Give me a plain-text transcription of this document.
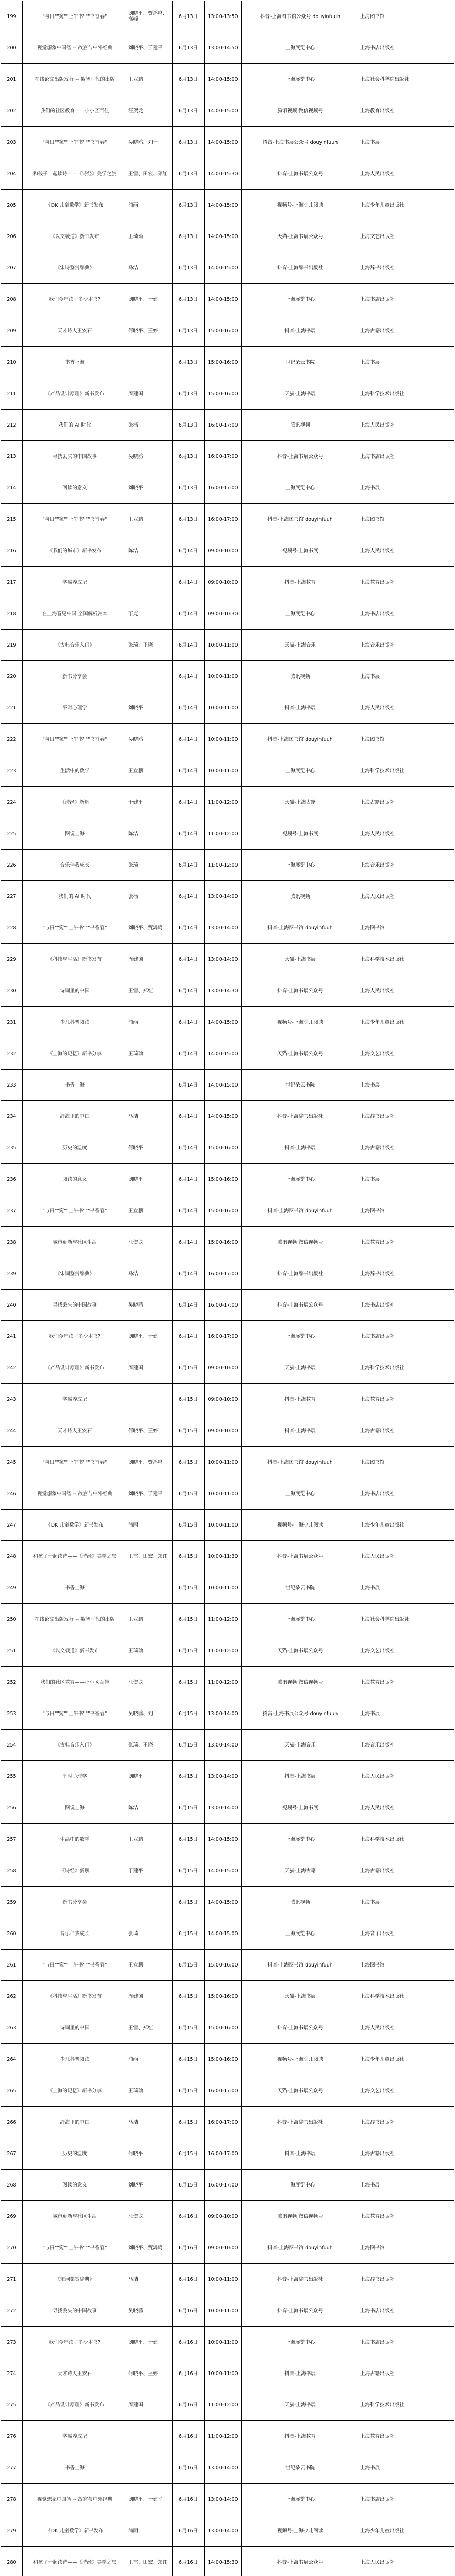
199	"与日""窥""上午书"""书香春"	刘晓平、贾鸿鸣、高峰	6月13日	13:00-13:50	抖音-上海图书馆公众号 douyinfuuh	上海图书馆
200	视觉想象中国智 -- 故宫与中外经典	刘晓平、于建平	6月13日	13:00-14:50	上海展览中心	上海书店出版社
201	在线论文出版发行 -- 数智时代的出版	王立鹏	6月13日	14:00-15:00	上海展览中心	上海社会科学院出版社
202	我们的社区教育——小小区百佳	汪贺龙	6月13日	14:00-15:00	腾讯视频 微信视频号	上海教育出版社
203	"与日""窥""上午书"""书香春"	吴晓鸥、刘一	6月13日	14:00-15:00	抖音-上海书展公众号 douyinfuuh	上海书展
204	和孩子一起读诗——《诗经》美学之旅	王雷、田宏、郑红	6月13日	14:00-15:30	抖音-上海书展公众号	上海人民出版社
205	《DK 儿童数学》新书发布	浦雨	6月13日	14:00-15:00	视频号-上海少儿阅读	上海少年儿童出版社
206	《以文载道》新书发布	王琦瑜	6月13日	14:00-15:00	天猫-上海书展公众号	上海文艺出版社
207	《宋诗鉴赏辞典》	马洁	6月13日	14:00-15:00	抖音-上海辞书出版社	上海辞书出版社
208	我们今年读了多少本书?	刘晓平、于建	6月13日	14:00-15:00	上海展览中心	上海书店出版社
209	天才诗人王安石	何晓平、王婷	6月13日	15:00-16:00	抖音-上海书展	上海古籍出版社
210	书香上海		6月13日	15:00-16:00	世纪朵云书院	上海书展
211	《产品设计原理》新书发布	周建国	6月13日	15:00-16:00	天猫-上海书展	上海科学技术出版社
212	我们的 AI 时代	张杨	6月13日	16:00-17:00	腾讯视频	上海人民出版社
213	寻找丢失的中国故事	吴晓鸥	6月13日	16:00-17:00	抖音-上海书展公众号	上海书店出版社
214	阅读的意义	刘晓平	6月13日	16:00-17:00	上海展览中心	上海书展
215	"与日""窥""上午书"""书香春"	王立鹏	6月13日	16:00-17:00	抖音-上海图书馆 douyinfuuh	上海图书馆
216	《我们的城市》新书发布	陈洁	6月14日	09:00-10:00	视频号-上海书展	上海人民出版社
217	学霸养成记		6月14日	09:00-10:00	抖音-上海教育	上海教育出版社
218	在上海看见中国:全国解析剧本	丁克	6月14日	09:00-10:30	上海展览中心	上海书店出版社
219	《古典音乐入门》	张琦、王晓	6月14日	10:00-11:00	天猫-上海音乐	上海音乐出版社
220	新书分享会		6月14日	10:00-11:00	腾讯视频	上海书展
221	平时心理学	刘晓平	6月14日	10:00-11:00	抖音-上海书展	上海人民出版社
222	"与日""窥""上午书"""书香春"	吴晓鸥	6月14日	10:00-11:00	抖音-上海图书馆 douyinfuuh	上海图书馆
223	生活中的数学	王立鹏	6月14日	10:00-11:00	上海展览中心	上海科学技术出版社
224	《诗经》新解	于建平	6月14日	11:00-12:00	天猫-上海古籍	上海古籍出版社
225	图说上海	陈洁	6月14日	11:00-12:00	视频号-上海书展	上海人民出版社
226	音乐伴我成长	张琦	6月14日	11:00-12:00	上海展览中心	上海音乐出版社
227	我们的 AI 时代	张杨	6月14日	13:00-14:00	腾讯视频	上海人民出版社
228	"与日""窥""上午书"""书香春"	刘晓平、贾鸿鸣	6月14日	13:00-14:00	抖音-上海图书馆 douyinfuuh	上海图书馆
229	《科技与生活》新书发布	周建国	6月14日	13:00-14:00	天猫-上海书展	上海科学技术出版社
230	诗词里的中国	王雷、郑红	6月14日	13:00-14:30	抖音-上海书展公众号	上海人民出版社
231	少儿科普阅读	浦雨	6月14日	14:00-15:00	视频号-上海少儿阅读	上海少年儿童出版社
232	《上海的记忆》新书分享	王琦瑜	6月14日	14:00-15:00	天猫-上海书展公众号	上海文艺出版社
233	书香上海		6月14日	14:00-15:00	世纪朵云书院	上海书展
234	辞海里的中国	马洁	6月14日	14:00-15:00	抖音-上海辞书出版社	上海辞书出版社
235	历史的温度	何晓平	6月14日	15:00-16:00	抖音-上海书展	上海古籍出版社
236	阅读的意义	刘晓平	6月14日	15:00-16:00	上海展览中心	上海书展
237	"与日""窥""上午书"""书香春"	王立鹏	6月14日	15:00-16:00	抖音-上海图书馆 douyinfuuh	上海图书馆
238	城市更新与社区生活	汪贺龙	6月14日	15:00-16:00	腾讯视频 微信视频号	上海教育出版社
239	《宋词鉴赏辞典》	马洁	6月14日	16:00-17:00	抖音-上海辞书出版社	上海辞书出版社
240	寻找丢失的中国故事	吴晓鸥	6月14日	16:00-17:00	抖音-上海书展公众号	上海书店出版社
241	我们今年读了多少本书?	刘晓平、于建	6月14日	16:00-17:00	上海展览中心	上海书店出版社
242	《产品设计原理》新书发布	周建国	6月15日	09:00-10:00	天猫-上海书展	上海科学技术出版社
243	学霸养成记		6月15日	09:00-10:00	抖音-上海教育	上海教育出版社
244	天才诗人王安石	何晓平、王婷	6月15日	09:00-10:00	抖音-上海书展	上海古籍出版社
245	"与日""窥""上午书"""书香春"	刘晓平、贾鸿鸣	6月15日	10:00-11:00	抖音-上海图书馆 douyinfuuh	上海图书馆
246	视觉想象中国智 -- 故宫与中外经典	刘晓平、于建平	6月15日	10:00-11:00	上海展览中心	上海书店出版社
247	《DK 儿童数学》新书发布	浦雨	6月15日	10:00-11:00	视频号-上海少儿阅读	上海少年儿童出版社
248	和孩子一起读诗——《诗经》美学之旅	王雷、田宏、郑红	6月15日	10:00-11:30	抖音-上海书展公众号	上海人民出版社
249	书香上海		6月15日	10:00-11:00	世纪朵云书院	上海书展
250	在线论文出版发行 -- 数智时代的出版	王立鹏	6月15日	11:00-12:00	上海展览中心	上海社会科学院出版社
251	《以文载道》新书发布	王琦瑜	6月15日	11:00-12:00	天猫-上海书展公众号	上海文艺出版社
252	我们的社区教育——小小区百佳	汪贺龙	6月15日	11:00-12:00	腾讯视频 微信视频号	上海教育出版社
253	"与日""窥""上午书"""书香春"	吴晓鸥、刘一	6月15日	13:00-14:00	抖音-上海书展公众号 douyinfuuh	上海书展
254	《古典音乐入门》	张琦、王晓	6月15日	13:00-14:00	天猫-上海音乐	上海音乐出版社
255	平时心理学	刘晓平	6月15日	13:00-14:00	抖音-上海书展	上海人民出版社
256	图说上海	陈洁	6月15日	13:00-14:00	视频号-上海书展	上海人民出版社
257	生活中的数学	王立鹏	6月15日	14:00-15:00	上海展览中心	上海科学技术出版社
258	《诗经》新解	于建平	6月15日	14:00-15:00	天猫-上海古籍	上海古籍出版社
259	新书分享会		6月15日	14:00-15:00	腾讯视频	上海书展
260	音乐伴我成长	张琦	6月15日	14:00-15:00	上海展览中心	上海音乐出版社
261	"与日""窥""上午书"""书香春"	王立鹏	6月15日	15:00-16:00	抖音-上海图书馆 douyinfuuh	上海图书馆
262	《科技与生活》新书发布	周建国	6月15日	15:00-16:00	天猫-上海书展	上海科学技术出版社
263	诗词里的中国	王雷、郑红	6月15日	15:00-16:00	抖音-上海书展公众号	上海人民出版社
264	少儿科普阅读	浦雨	6月15日	15:00-16:00	视频号-上海少儿阅读	上海少年儿童出版社
265	《上海的记忆》新书分享	王琦瑜	6月15日	16:00-17:00	天猫-上海书展公众号	上海文艺出版社
266	辞海里的中国	马洁	6月15日	16:00-17:00	抖音-上海辞书出版社	上海辞书出版社
267	历史的温度	何晓平	6月15日	16:00-17:00	抖音-上海书展	上海古籍出版社
268	阅读的意义	刘晓平	6月15日	16:00-17:00	上海展览中心	上海书展
269	城市更新与社区生活	汪贺龙	6月16日	09:00-10:00	腾讯视频 微信视频号	上海教育出版社
270	"与日""窥""上午书"""书香春"	刘晓平、贾鸿鸣	6月16日	09:00-10:00	抖音-上海图书馆 douyinfuuh	上海图书馆
271	《宋词鉴赏辞典》	马洁	6月16日	10:00-11:00	抖音-上海辞书出版社	上海辞书出版社
272	寻找丢失的中国故事	吴晓鸥	6月16日	10:00-11:00	抖音-上海书展公众号	上海书店出版社
273	我们今年读了多少本书?	刘晓平、于建	6月16日	10:00-11:00	上海展览中心	上海书店出版社
274	天才诗人王安石	何晓平、王婷	6月16日	10:00-11:00	抖音-上海书展	上海古籍出版社
275	《产品设计原理》新书发布	周建国	6月16日	11:00-12:00	天猫-上海书展	上海科学技术出版社
276	学霸养成记		6月16日	11:00-12:00	抖音-上海教育	上海教育出版社
277	书香上海		6月16日	13:00-14:00	世纪朵云书院	上海书展
278	视觉想象中国智 -- 故宫与中外经典	刘晓平、于建平	6月16日	13:00-14:00	上海展览中心	上海书店出版社
279	《DK 儿童数学》新书发布	浦雨	6月16日	13:00-14:00	视频号-上海少儿阅读	上海少年儿童出版社
280	和孩子一起读诗——《诗经》美学之旅	王雷、田宏、郑红	6月16日	14:00-15:30	抖音-上海书展公众号	上海人民出版社
